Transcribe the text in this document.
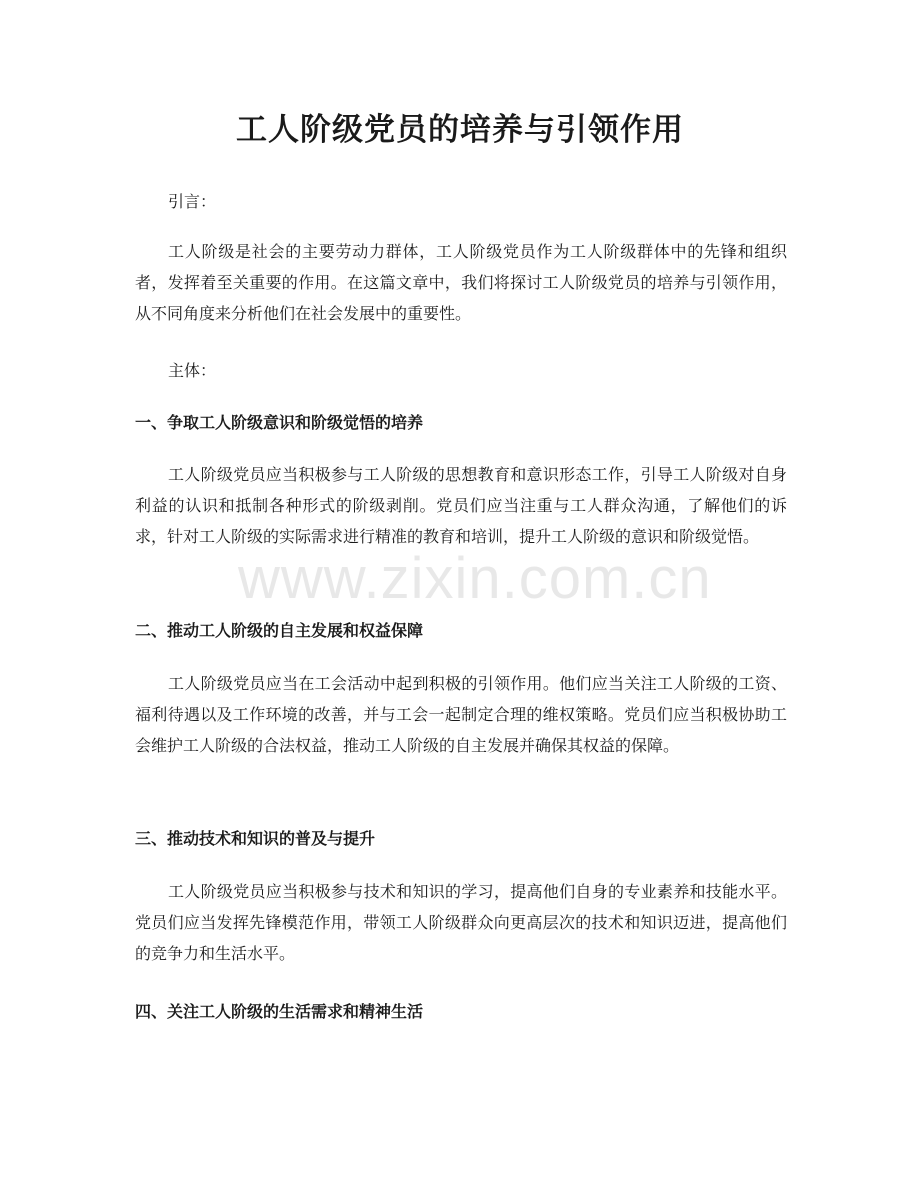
工人阶级党员的培养与引领作用

引言：

工人阶级是社会的主要劳动力群体，工人阶级党员作为工人阶级群体中的先锋和组织者，发挥着至关重要的作用。在这篇文章中，我们将探讨工人阶级党员的培养与引领作用，从不同角度来分析他们在社会发展中的重要性。

主体：

一、争取工人阶级意识和阶级觉悟的培养

工人阶级党员应当积极参与工人阶级的思想教育和意识形态工作，引导工人阶级对自身利益的认识和抵制各种形式的阶级剥削。党员们应当注重与工人群众沟通，了解他们的诉求，针对工人阶级的实际需求进行精准的教育和培训，提升工人阶级的意识和阶级觉悟。

二、推动工人阶级的自主发展和权益保障

工人阶级党员应当在工会活动中起到积极的引领作用。他们应当关注工人阶级的工资、福利待遇以及工作环境的改善，并与工会一起制定合理的维权策略。党员们应当积极协助工会维护工人阶级的合法权益，推动工人阶级的自主发展并确保其权益的保障。

三、推动技术和知识的普及与提升

工人阶级党员应当积极参与技术和知识的学习，提高他们自身的专业素养和技能水平。党员们应当发挥先锋模范作用，带领工人阶级群众向更高层次的技术和知识迈进，提高他们的竞争力和生活水平。

四、关注工人阶级的生活需求和精神生活
www.zixin.com.cn
